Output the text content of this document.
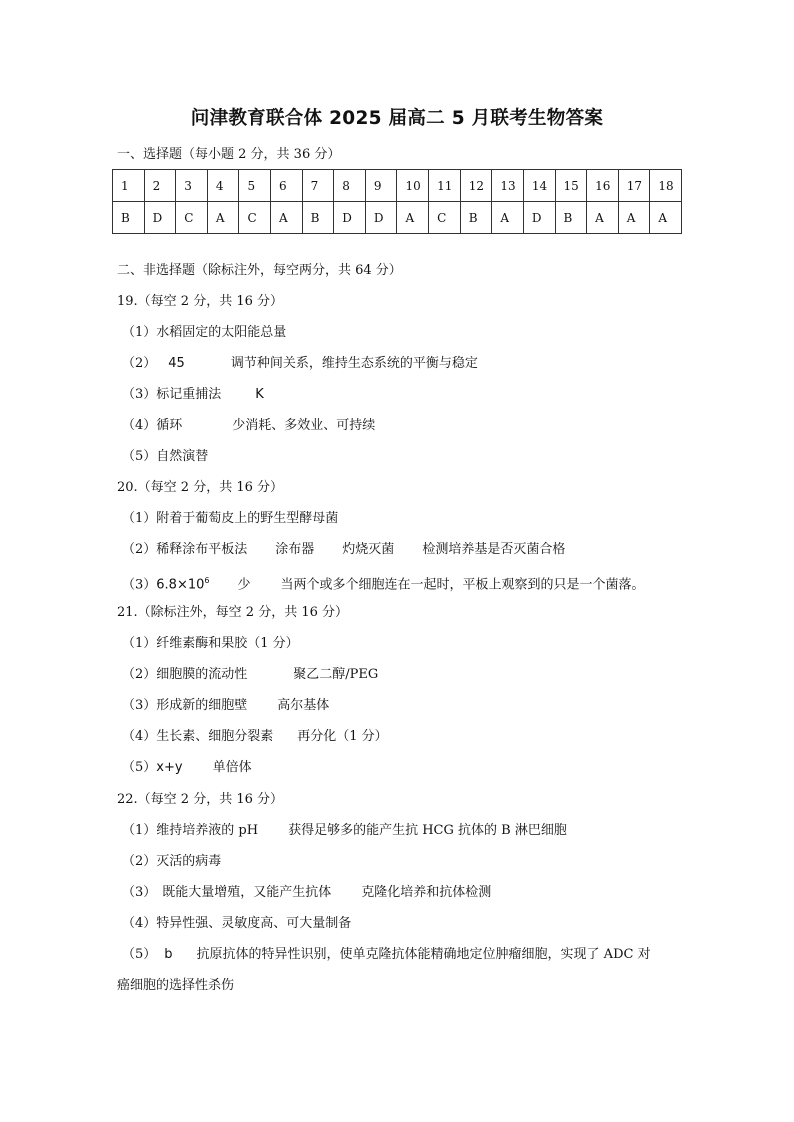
问津教育联合体 2025 届高二 5 月联考生物答案
一、选择题（每小题 2 分，共 36 分）
1	2	3	4	5	6	7	8	9	10	11	12	13	14	15	16	17	18
B	D	C	A	C	A	B	D	D	A	C	B	A	D	B	A	A	A
二、非选择题（除标注外，每空两分，共 64 分）
19.（每空 2 分，共 16 分）
（1）水稻固定的太阳能总量
（2） 45	调节种间关系，维持生态系统的平衡与稳定
（3）标记重捕法	K
（4）循环	少消耗、多效业、可持续
（5）自然演替
20.（每空 2 分，共 16 分）
（1）附着于葡萄皮上的野生型酵母菌
（2）稀释涂布平板法 涂布器 灼烧灭菌 检测培养基是否灭菌合格
$(3)6.8\times 10^6$ 少 当两个或多个细胞连在一起时，平板上观察到的只是一个菌落。
21.（除标注外，每空 2 分，共 16 分）
（1）纤维素酶和果胶（1 分）
（2）细胞膜的流动性	聚乙二醇/PEG
（3）形成新的细胞壁 高尔基体
（4）生长素、细胞分裂素 再分化（1 分）
（5）x+y 单倍体
22.（每空 2 分，共 16 分）
（1）维持培养液的 pH 获得足够多的能产生抗 HCG 抗体的 B 淋巴细胞
（2）灭活的病毒
（3） 既能大量增殖，又能产生抗体 克隆化培养和抗体检测
（4）特异性强、灵敏度高、可大量制备
（5） b 抗原抗体的特异性识别，使单克隆抗体能精确地定位肿瘤细胞，实现了 ADC 对
癌细胞的选择性杀伤
